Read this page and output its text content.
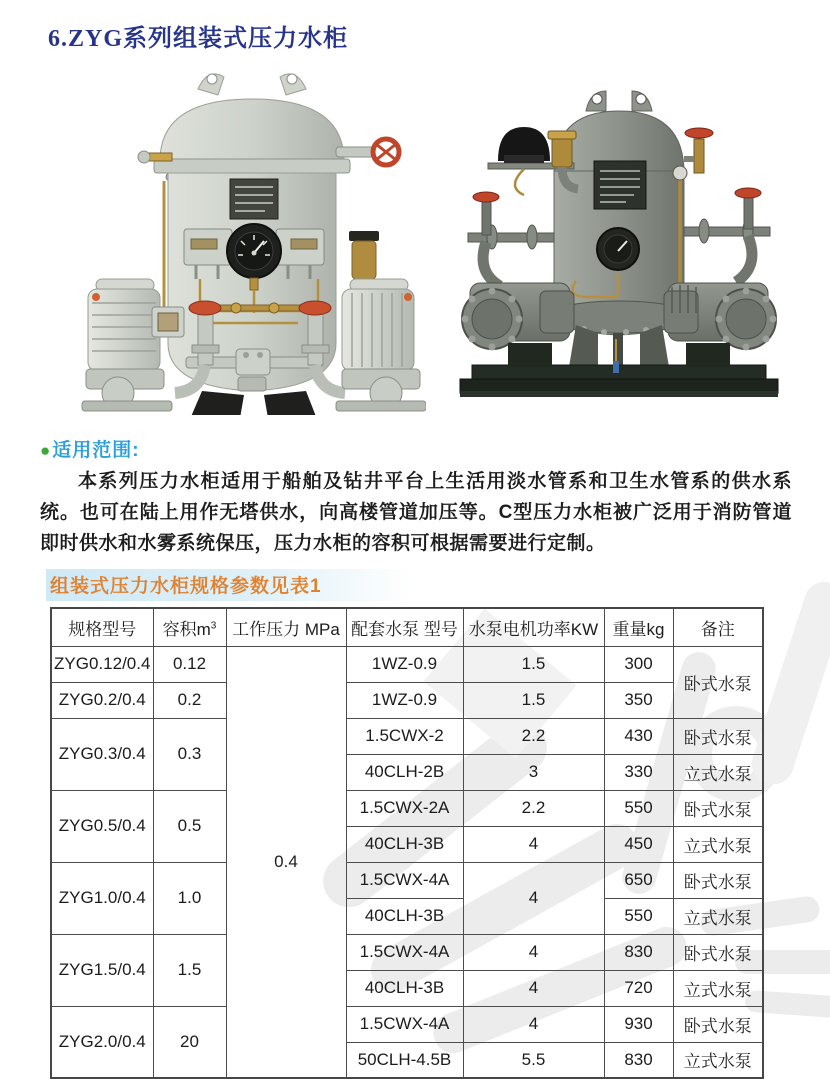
6.ZYG系列组装式压力水柜
● 适用范围:

本系列压力水柜适用于船舶及钻井平台上生活用淡水管系和卫生水管系的供水系统。也可在陆上用作无塔供水，向高楼管道加压等。C型压力水柜被广泛用于消防管道即时供水和水雾系统保压，压力水柜的容积可根据需要进行定制。

组装式压力水柜规格参数见表1
规格型号	容积$m^3$	工作压力 MPa	配套水泵 型号	水泵电机功率KW	重量kg	备注
ZYG0.12/0.4	0.12	0.4	1WZ-0.9	1.5	300	卧式水泵
ZYG0.2/0.4	0.2		1WZ-0.9	1.5	350	
ZYG0.3/0.4	0.3		1.5CWX-2	2.2	430	卧式水泵
			40CLH-2B	3	330	立式水泵
ZYG0.5/0.4	0.5		1.5CWX-2A	2.2	550	卧式水泵
			40CLH-3B	4	450	立式水泵
ZYG1.0/0.4	1.0		1.5CWX-4A	4	650	卧式水泵
			40CLH-3B		550	立式水泵
ZYG1.5/0.4	1.5		1.5CWX-4A	4	830	卧式水泵
			40CLH-3B	4	720	立式水泵
ZYG2.0/0.4	20		1.5CWX-4A	4	930	卧式水泵
			50CLH-4.5B	5.5	830	立式水泵
